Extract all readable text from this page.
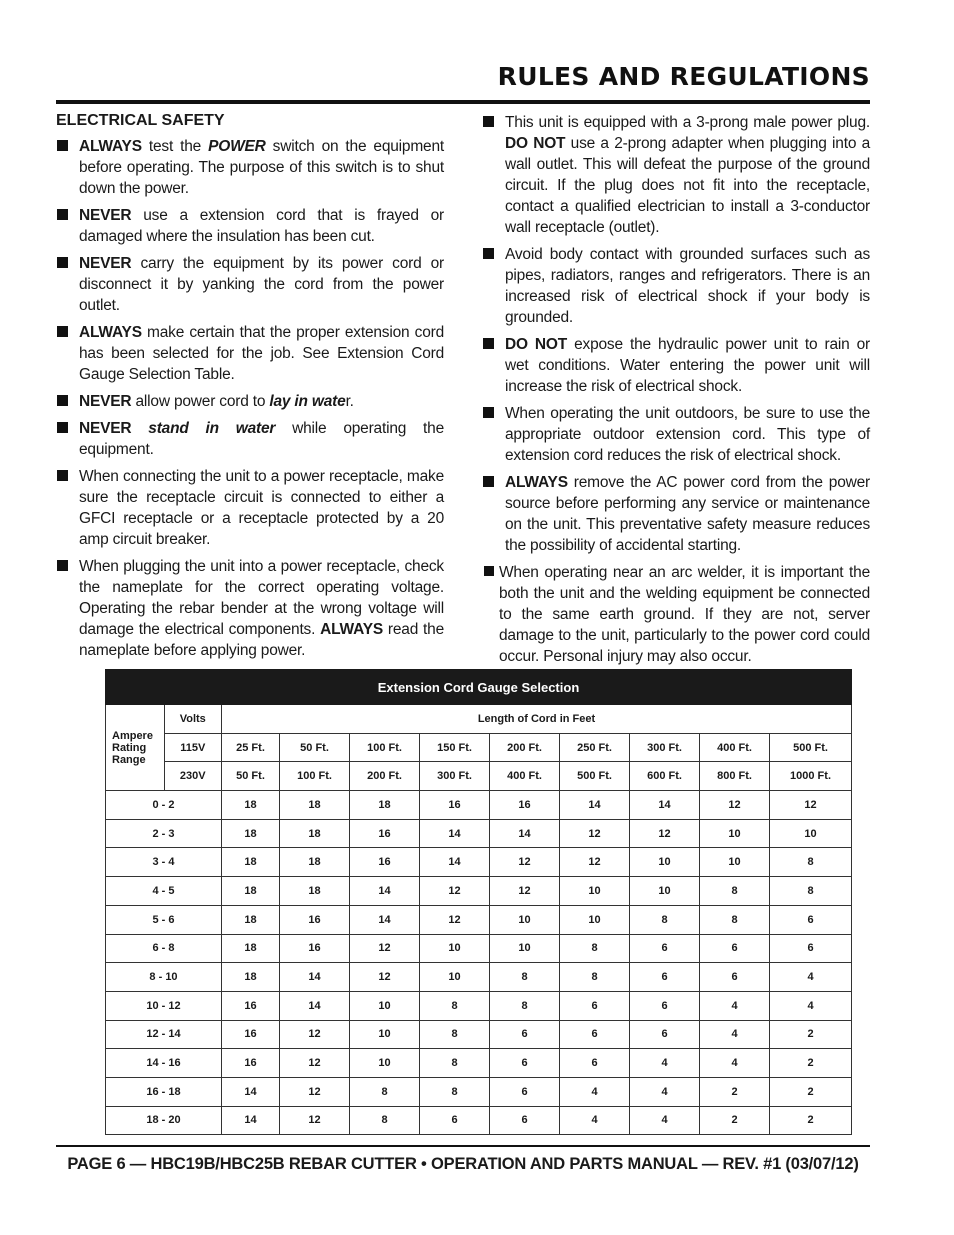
RULES AND REGULATIONS
ELECTRICAL SAFETY
ALWAYS test the POWER switch on the equipment before operating. The purpose of this switch is to shut down the power.
NEVER use a extension cord that is frayed or damaged where the insulation has been cut.
NEVER carry the equipment by its power cord or disconnect it by yanking the cord from the power outlet.
ALWAYS make certain that the proper extension cord has been selected for the job. See Extension Cord Gauge Selection Table.
NEVER allow power cord to lay in water.
NEVER stand in water while operating the equipment.
When connecting the unit to a power receptacle, make sure the receptacle circuit is connected to either a GFCI receptacle or a receptacle protected by a 20 amp circuit breaker.
When plugging the unit into a power receptacle, check the nameplate for the correct operating voltage. Operating the rebar bender at the wrong voltage will damage the electrical components. ALWAYS read the nameplate before applying power.
This unit is equipped with a 3-prong male power plug. DO NOT use a 2-prong adapter when plugging into a wall outlet. This will defeat the purpose of the ground circuit. If the plug does not fit into the receptacle, contact a qualified electrician to install a 3-conductor wall receptacle (outlet).
Avoid body contact with grounded surfaces such as pipes, radiators, ranges and refrigerators. There is an increased risk of electrical shock if your body is grounded.
DO NOT expose the hydraulic power unit to rain or wet conditions. Water entering the power unit will increase the risk of electrical shock.
When operating the unit outdoors, be sure to use the appropriate outdoor extension cord. This type of extension cord reduces the risk of electrical shock.
ALWAYS remove the AC power cord from the power source before performing any service or maintenance on the unit. This preventative safety measure reduces the possibility of accidental starting.
When operating near an arc welder, it is important the both the unit and the welding equipment be connected to the same earth ground. If they are not, server damage to the unit, particularly to the power cord could occur. Personal injury may also occur.
Extension Cord Gauge Selection										
Ampere
Rating
Range	Volts	Length of Cord in Feet								
	115V	25 Ft.	50 Ft.	100 Ft.	150 Ft.	200 Ft.	250 Ft.	300 Ft.	400 Ft.	500 Ft.
	230V	50 Ft.	100 Ft.	200 Ft.	300 Ft.	400 Ft.	500 Ft.	600 Ft.	800 Ft.	1000 Ft.
0 - 2		18	18	18	16	16	14	14	12	12
2 - 3		18	18	16	14	14	12	12	10	10
3 - 4		18	18	16	14	12	12	10	10	8
4 - 5		18	18	14	12	12	10	10	8	8
5 - 6		18	16	14	12	10	10	8	8	6
6 - 8		18	16	12	10	10	8	6	6	6
8 - 10		18	14	12	10	8	8	6	6	4
10 - 12		16	14	10	8	8	6	6	4	4
12 - 14		16	12	10	8	6	6	6	4	2
14 - 16		16	12	10	8	6	6	4	4	2
16 - 18		14	12	8	8	6	4	4	2	2
18 - 20		14	12	8	6	6	4	4	2	2
PAGE 6 — HBC19B/HBC25B REBAR CUTTER • OPERATION AND PARTS MANUAL — REV. #1 (03/07/12)
